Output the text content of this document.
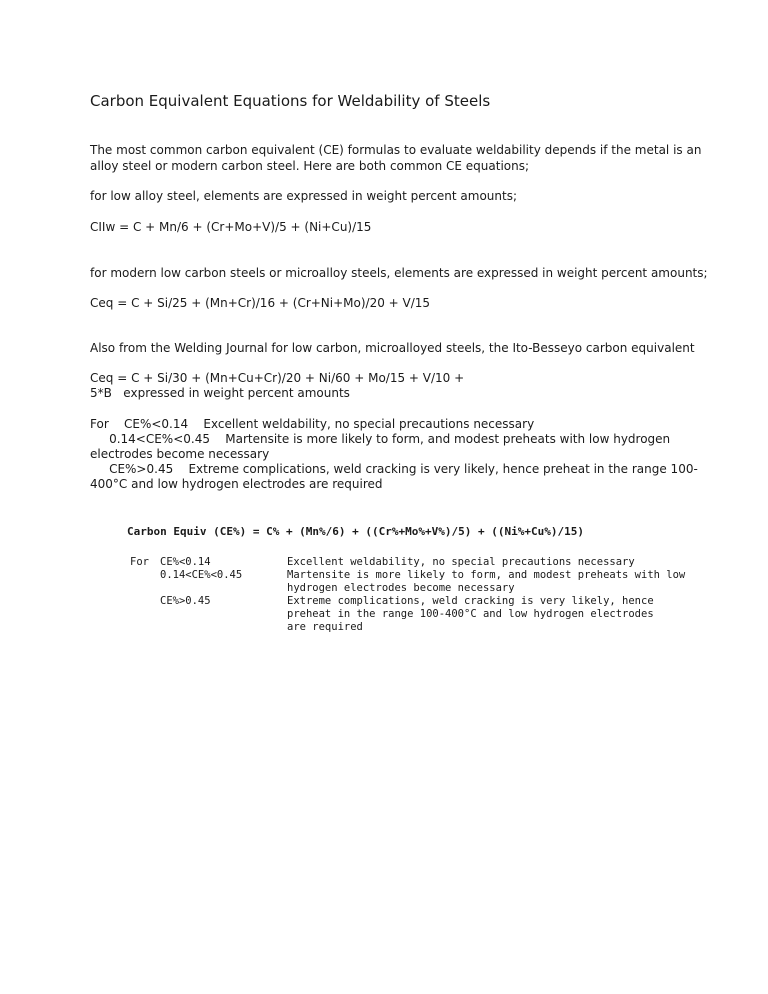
Carbon Equivalent Equations for Weldability of Steels
The most common carbon equivalent (CE) formulas to evaluate weldability depends if the metal is an
alloy steel or modern carbon steel. Here are both common CE equations;
for low alloy steel, elements are expressed in weight percent amounts;
CIIw = C + Mn/6 + (Cr+Mo+V)/5 + (Ni+Cu)/15
for modern low carbon steels or microalloy steels, elements are expressed in weight percent amounts;
Ceq = C + Si/25 + (Mn+Cr)/16 + (Cr+Ni+Mo)/20 + V/15
Also from the Welding Journal for low carbon, microalloyed steels, the Ito-Besseyo carbon equivalent
Ceq = C + Si/30 + (Mn+Cu+Cr)/20 + Ni/60 + Mo/15 + V/10 +
5*B   expressed in weight percent amounts
For    CE%<0.14    Excellent weldability, no special precautions necessary
0.14<CE%<0.45    Martensite is more likely to form, and modest preheats with low hydrogen
electrodes become necessary
CE%>0.45    Extreme complications, weld cracking is very likely, hence preheat in the range 100-
400°C and low hydrogen electrodes are required
Carbon Equiv (CE%) = C% + (Mn%/6) + ((Cr%+Mo%+V%)/5) + ((Ni%+Cu%)/15)
For CE%<0.14	Excellent weldability, no special precautions necessary
0.14<CE%<0.45	Martensite is more likely to form, and modest preheats with low
hydrogen electrodes become necessary
CE%>0.45	Extreme complications, weld cracking is very likely, hence
preheat in the range 100-400°C and low hydrogen electrodes
are required
